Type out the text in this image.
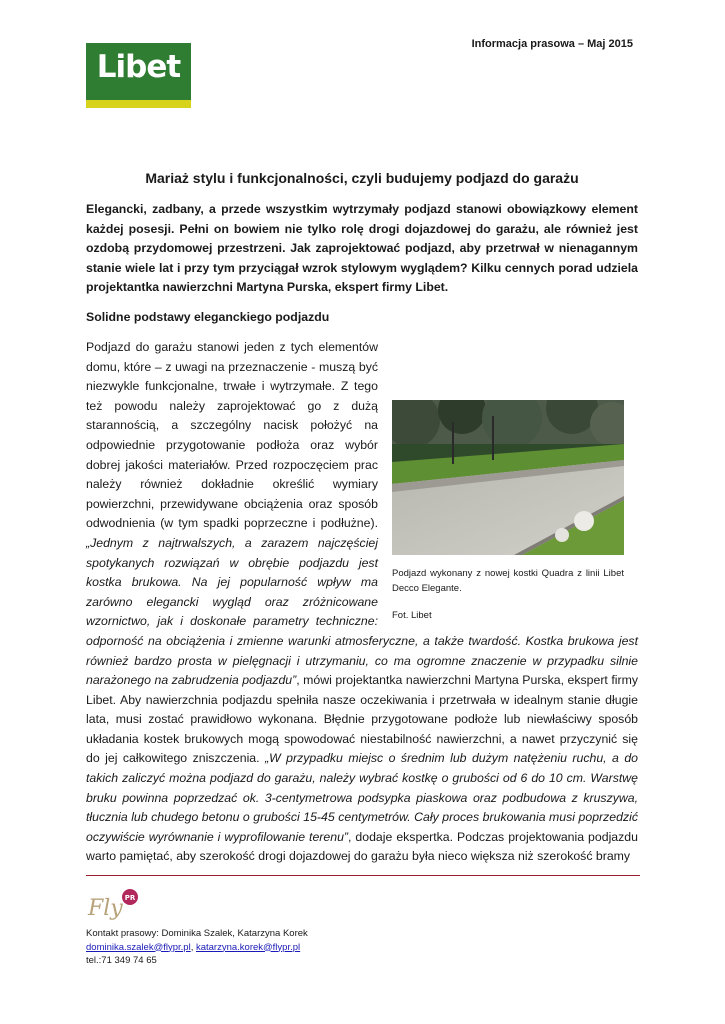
Informacja prasowa – Maj 2015
Libet
Mariaż stylu i funkcjonalności, czyli budujemy podjazd do garażu

Elegancki, zadbany, a przede wszystkim wytrzymały podjazd stanowi obowiązkowy element każdej posesji. Pełni on bowiem nie tylko rolę drogi dojazdowej do garażu, ale również jest ozdobą przydomowej przestrzeni. Jak zaprojektować podjazd, aby przetrwał w nienagannym stanie wiele lat i przy tym przyciągał wzrok stylowym wyglądem? Kilku cennych porad udziela projektantka nawierzchni Martyna Purska, ekspert firmy Libet.

Solidne podstawy eleganckiego podjazdu
Podjazd wykonany z nowej kostki Quadra z linii Libet Decco Elegante.
Fot. Libet
Podjazd do garażu stanowi jeden z tych elementów domu, które – z uwagi na przeznaczenie - muszą być niezwykle funkcjonalne, trwałe i wytrzymałe. Z tego też powodu należy zaprojektować go z dużą starannością, a szczególny nacisk położyć na odpowiednie przygotowanie podłoża oraz wybór dobrej jakości materiałów. Przed rozpoczęciem prac należy również dokładnie określić wymiary powierzchni, przewidywane obciążenia oraz sposób odwodnienia (w tym spadki poprzeczne i podłużne). „Jednym z najtrwalszych, a zarazem najczęściej spotykanych rozwiązań w obrębie podjazdu jest kostka brukowa. Na jej popularność wpływ ma zarówno elegancki wygląd oraz zróżnicowane wzornictwo, jak i doskonałe parametry techniczne: odporność na obciążenia i zmienne warunki atmosferyczne, a także twardość. Kostka brukowa jest również bardzo prosta w pielęgnacji i utrzymaniu, co ma ogromne znaczenie w przypadku silnie narażonego na zabrudzenia podjazdu”, mówi projektantka nawierzchni Martyna Purska, ekspert firmy Libet. Aby nawierzchnia podjazdu spełniła nasze oczekiwania i przetrwała w idealnym stanie długie lata, musi zostać prawidłowo wykonana. Błędnie przygotowane podłoże lub niewłaściwy sposób układania kostek brukowych mogą spowodować niestabilność nawierzchni, a nawet przyczynić się do jej całkowitego zniszczenia. „W przypadku miejsc o średnim lub dużym natężeniu ruchu, a do takich zaliczyć można podjazd do garażu, należy wybrać kostkę o grubości od 6 do 10 cm. Warstwę bruku powinna poprzedzać ok. 3-centymetrowa podsypka piaskowa oraz podbudowa z kruszywa, tłucznia lub chudego betonu o grubości 15-45 centymetrów. Cały proces brukowania musi poprzedzić oczywiście wyrównanie i wyprofilowanie terenu”, dodaje ekspertka. Podczas projektowania podjazdu warto pamiętać, aby szerokość drogi dojazdowej do garażu była nieco większa niż szerokość bramy
Fly PR
Kontakt prasowy: Dominika Szalek, Katarzyna Korek
dominika.szalek@flypr.pl, katarzyna.korek@flypr.pl
tel.:71 349 74 65
